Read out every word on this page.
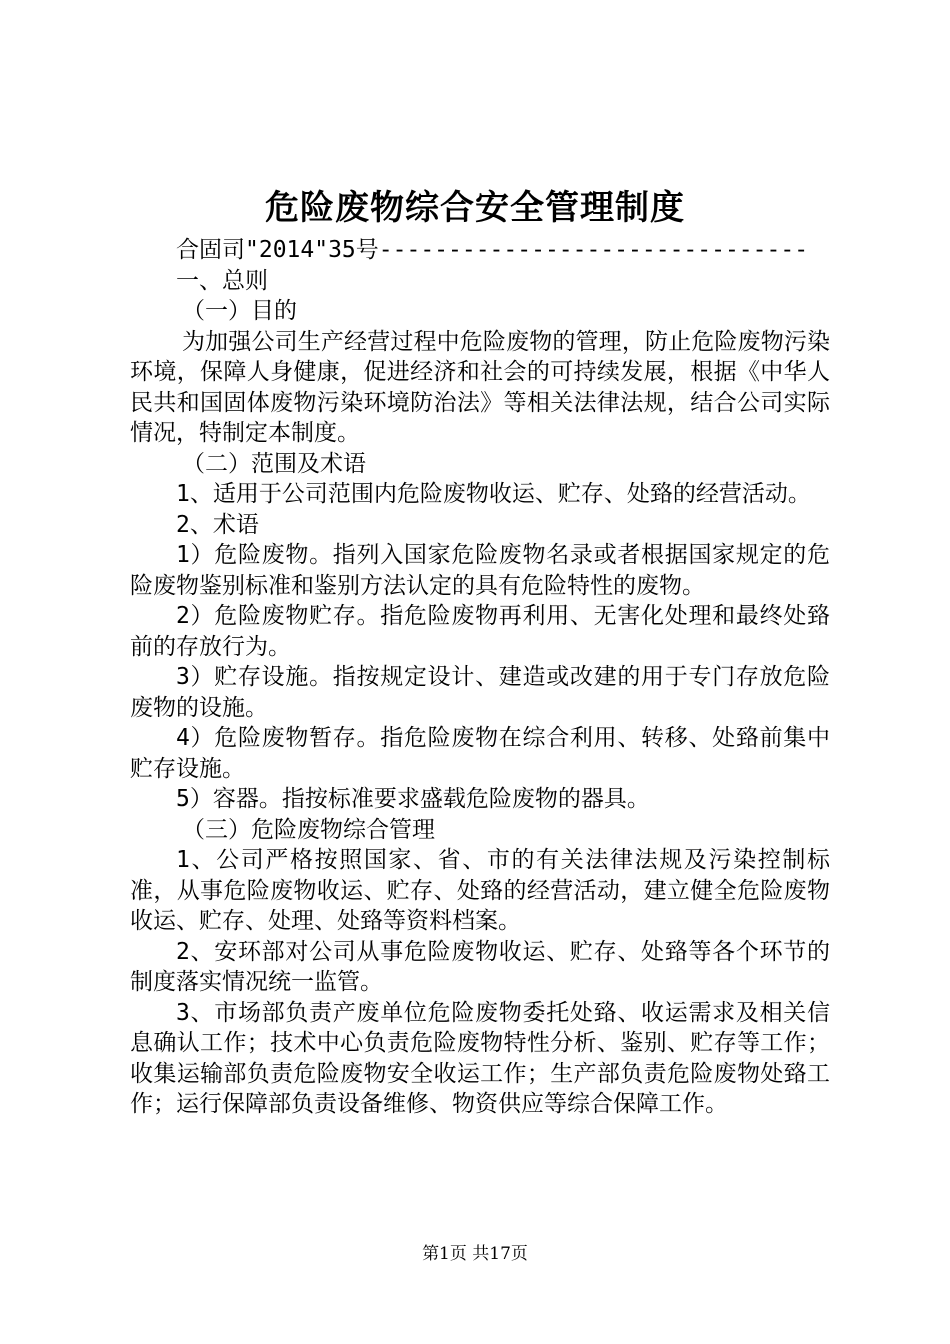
危险废物综合安全管理制度

合固司"2014"35号-------------------------------

一、总则

（一）目的

为加强公司生产经营过程中危险废物的管理，防止危险废物污染环境，保障人身健康，促进经济和社会的可持续发展，根据《中华人民共和国固体废物污染环境防治法》等相关法律法规，结合公司实际情况，特制定本制度。

（二）范围及术语

1、适用于公司范围内危险废物收运、贮存、处臵的经营活动。

2、术语

1）危险废物。指列入国家危险废物名录或者根据国家规定的危险废物鉴别标准和鉴别方法认定的具有危险特性的废物。

2）危险废物贮存。指危险废物再利用、无害化处理和最终处臵前的存放行为。

3）贮存设施。指按规定设计、建造或改建的用于专门存放危险废物的设施。

4）危险废物暂存。指危险废物在综合利用、转移、处臵前集中贮存设施。

5）容器。指按标准要求盛载危险废物的器具。

（三）危险废物综合管理

1、公司严格按照国家、省、市的有关法律法规及污染控制标准，从事危险废物收运、贮存、处臵的经营活动，建立健全危险废物收运、贮存、处理、处臵等资料档案。

2、安环部对公司从事危险废物收运、贮存、处臵等各个环节的制度落实情况统一监管。

3、市场部负责产废单位危险废物委托处臵、收运需求及相关信息确认工作；技术中心负责危险废物特性分析、鉴别、贮存等工作；收集运输部负责危险废物安全收运工作；生产部负责危险废物处臵工作；运行保障部负责设备维修、物资供应等综合保障工作。

第1页 共17页
